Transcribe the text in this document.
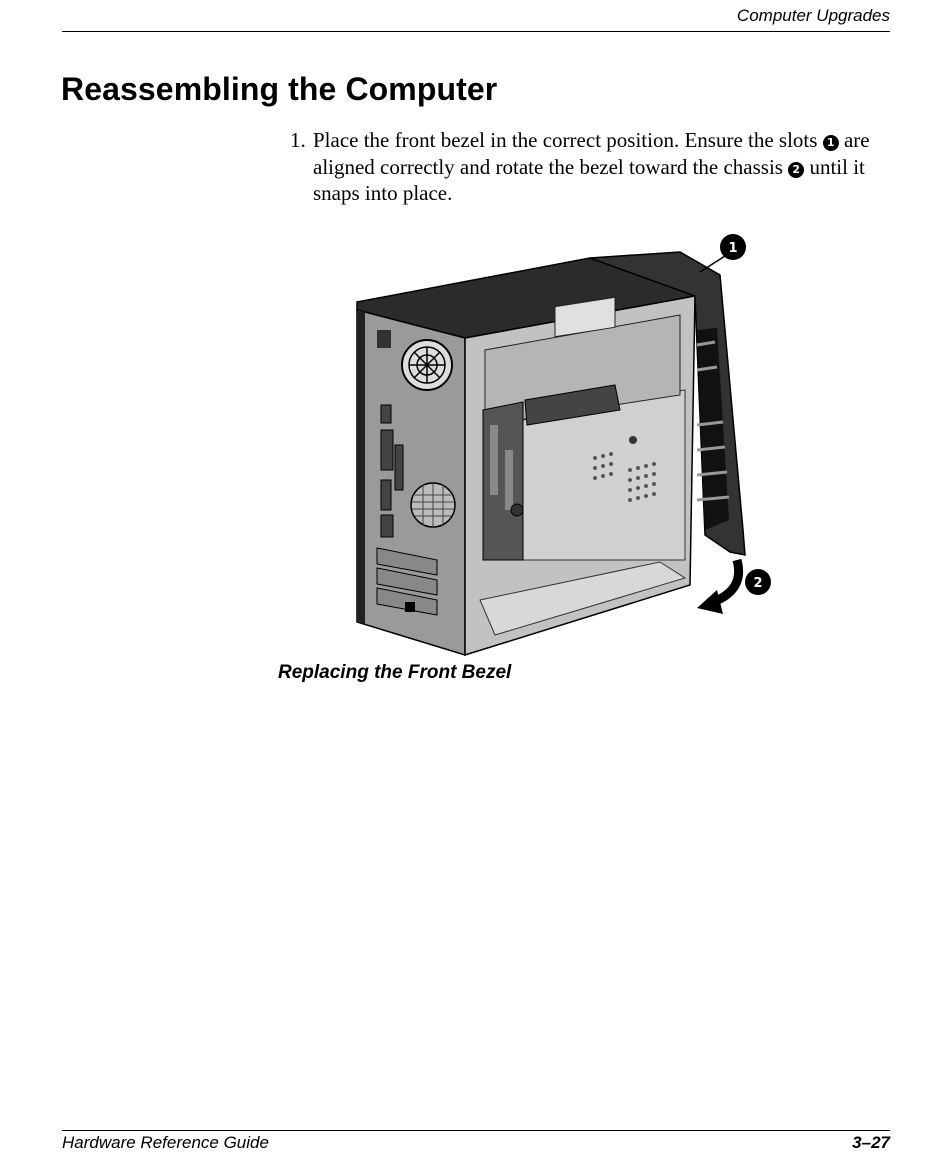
Computer Upgrades
Reassembling the Computer
1. Place the front bezel in the correct position. Ensure the slots 1 are aligned correctly and rotate the bezel toward the chassis 2 until it snaps into place.
1
2
Replacing the Front Bezel
Hardware Reference Guide	3–27
